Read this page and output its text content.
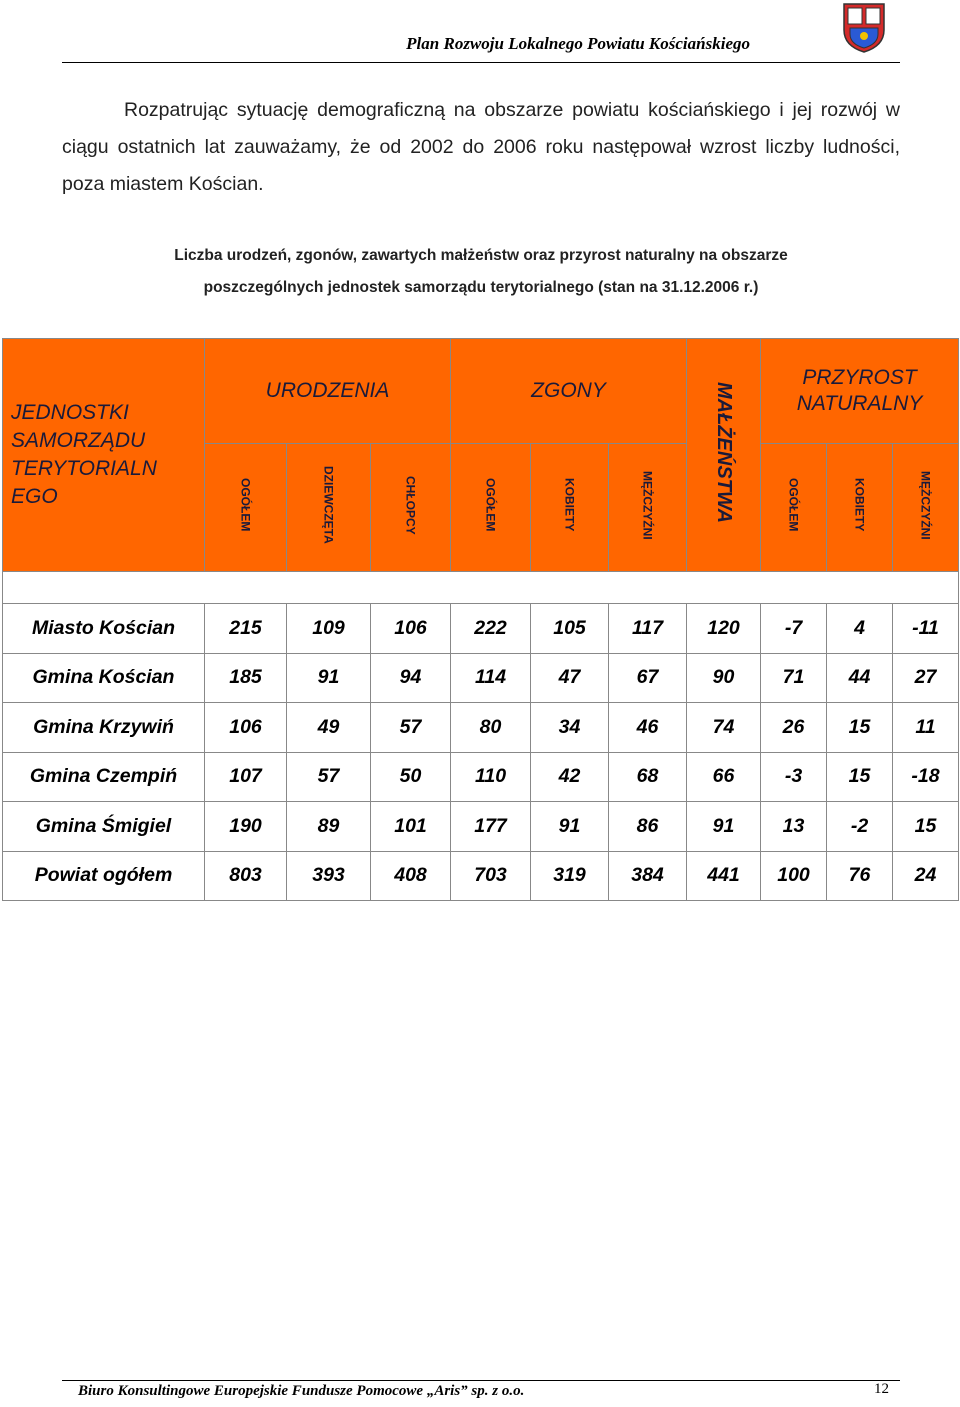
Plan Rozwoju Lokalnego Powiatu Kościańskiego
Rozpatrując sytuację demograficzną na obszarze powiatu kościańskiego i jej rozwój w ciągu ostatnich lat zauważamy, że od 2002 do 2006 roku następował wzrost liczby ludności, poza miastem Kościan.
Liczba urodzeń, zgonów, zawartych małżeństw oraz przyrost naturalny na obszarze
poszczególnych jednostek samorządu terytorialnego (stan na 31.12.2006 r.)
JEDNOSTKI SAMORZĄDU TERYTORIALN EGO	URODZENIA			ZGONY			MAŁŻEŃSTWA	PRZYROST NATURALNY		
	OGÓŁEM	DZIEWCZĘTA	CHŁOPCY	OGÓŁEM	KOBIETY	MĘŻCZYŹNI		OGÓŁEM	KOBIETY	MĘŻCZYŹNI

Miasto Kościan	215	109	106	222	105	117	120	-7	4	-11
Gmina Kościan	185	91	94	114	47	67	90	71	44	27
Gmina Krzywiń	106	49	57	80	34	46	74	26	15	11
Gmina Czempiń	107	57	50	110	42	68	66	-3	15	-18
Gmina Śmigiel	190	89	101	177	91	86	91	13	-2	15
Powiat ogółem	803	393	408	703	319	384	441	100	76	24
Biuro Konsultingowe Europejskie Fundusze Pomocowe „Aris” sp. z o.o.	12
